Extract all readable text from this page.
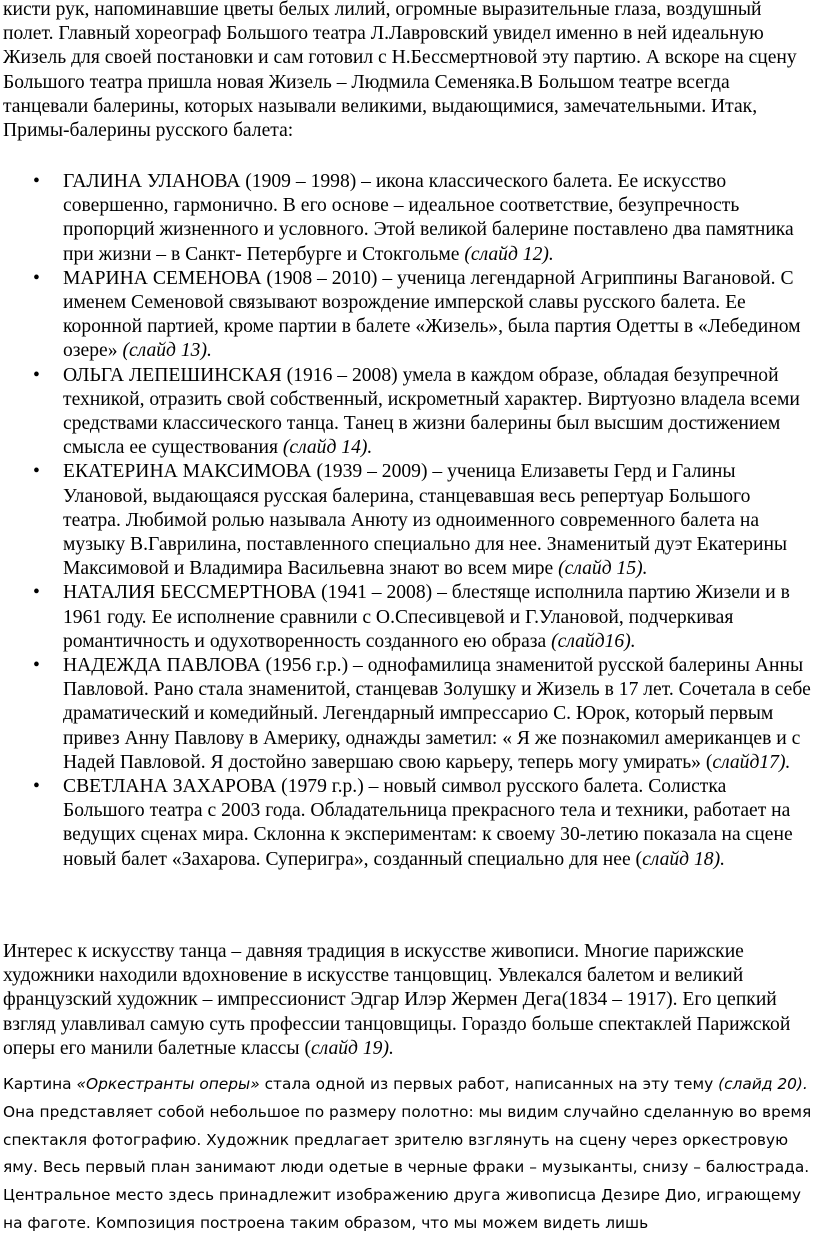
кисти рук, напоминавшие цветы белых лилий, огромные выразительные глаза, воздушный полет. Главный хореограф Большого театра Л.Лавровский увидел именно в ней идеальную Жизель для своей постановки и сам готовил с Н.Бессмертновой эту партию. А вскоре на сцену Большого театра пришла новая Жизель – Людмила Семеняка.В Большом театре всегда танцевали балерины, которых называли великими, выдающимися, замечательными. Итак, Примы-балерины русского балета:

• ГАЛИНА УЛАНОВА (1909 – 1998) – икона классического балета. Ее искусство совершенно, гармонично. В его основе – идеальное соответствие, безупречность пропорций жизненного и условного. Этой великой балерине поставлено два памятника при жизни – в Санкт- Петербурге и Стокгольме (слайд 12).
• МАРИНА СЕМЕНОВА (1908 – 2010) – ученица легендарной Агриппины Вагановой. С именем Семеновой связывают возрождение имперской славы русского балета. Ее коронной партией, кроме партии в балете «Жизель», была партия Одетты в «Лебедином озере» (слайд 13).
• ОЛЬГА ЛЕПЕШИНСКАЯ (1916 – 2008) умела в каждом образе, обладая безупречной техникой, отразить свой собственный, искрометный характер. Виртуозно владела всеми средствами классического танца. Танец в жизни балерины был высшим достижением смысла ее существования (слайд 14).
• ЕКАТЕРИНА МАКСИМОВА (1939 – 2009) – ученица Елизаветы Герд и Галины Улановой, выдающаяся русская балерина, станцевавшая весь репертуар Большого театра. Любимой ролью называла Анюту из одноименного современного балета на музыку В.Гаврилина, поставленного специально для нее. Знаменитый дуэт Екатерины Максимовой и Владимира Васильевна знают во всем мире (слайд 15).
• НАТАЛИЯ БЕССМЕРТНОВА (1941 – 2008) – блестяще исполнила партию Жизели и в 1961 году. Ее исполнение сравнили с О.Спесивцевой и Г.Улановой, подчеркивая романтичность и одухотворенность созданного ею образа (слайд16).
• НАДЕЖДА ПАВЛОВА (1956 г.р.) – однофамилица знаменитой русской балерины Анны Павловой. Рано стала знаменитой, станцевав Золушку и Жизель в 17 лет. Сочетала в себе драматический и комедийный. Легендарный импрессарио С. Юрок, который первым привез Анну Павлову в Америку, однажды заметил: « Я же познакомил американцев и с Надей Павловой. Я достойно завершаю свою карьеру, теперь могу умирать» (слайд17).
• СВЕТЛАНА ЗАХАРОВА (1979 г.р.) – новый символ русского балета. Солистка Большого театра с 2003 года. Обладательница прекрасного тела и техники, работает на ведущих сценах мира. Склонна к экспериментам: к своему 30-летию показала на сцене новый балет «Захарова. Суперигра», созданный специально для нее (слайд 18).

Интерес к искусству танца – давняя традиция в искусстве живописи. Многие парижские художники находили вдохновение в искусстве танцовщиц. Увлекался балетом и великий французский художник – импрессионист Эдгар Илэр Жермен Дега(1834 – 1917). Его цепкий взгляд улавливал самую суть профессии танцовщицы. Гораздо больше спектаклей Парижской оперы его манили балетные классы (слайд 19).

Картина «Оркестранты оперы» стала одной из первых работ, написанных на эту тему (слайд 20). Она представляет собой небольшое по размеру полотно: мы видим случайно сделанную во время спектакля фотографию. Художник предлагает зрителю взглянуть на сцену через оркестровую яму. Весь первый план занимают люди одетые в черные фраки – музыканты, снизу – балюстрада. Центральное место здесь принадлежит изображению друга живописца Дезире Дио, играющему на фаготе. Композиция построена таким образом, что мы можем видеть лишь
